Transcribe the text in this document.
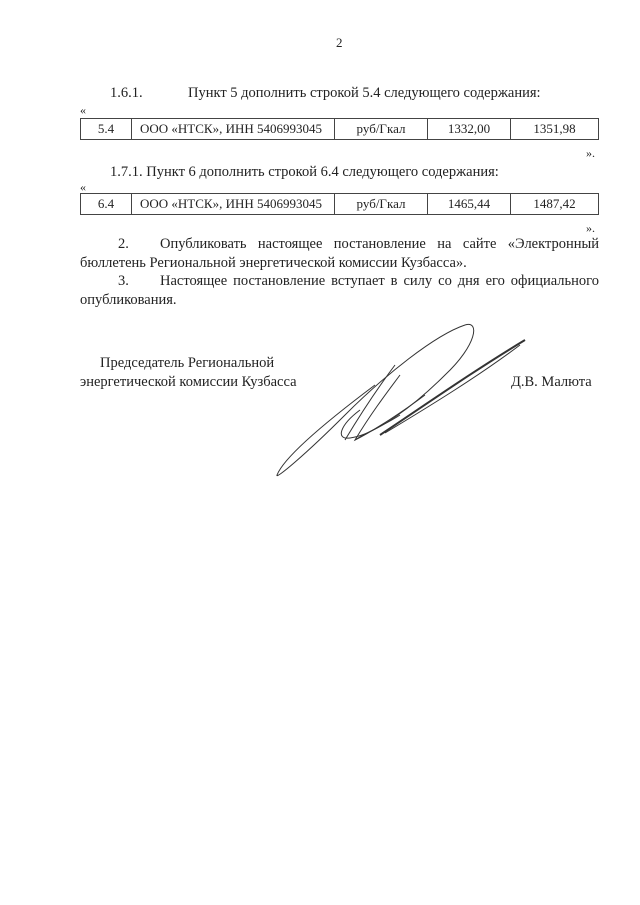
2
1.6.1.	Пункт 5 дополнить строкой 5.4 следующего содержания:
«
5.4	ООО «НТСК», ИНН 5406993045	руб/Гкал	1332,00	1351,98
».
1.7.1. Пункт 6 дополнить строкой 6.4 следующего содержания:
«
6.4	ООО «НТСК», ИНН 5406993045	руб/Гкал	1465,44	1487,42
».
2. Опубликовать настоящее постановление на сайте «Электронный
бюллетень Региональной энергетической комиссии Кузбасса».
3. Настоящее постановление вступает в силу со дня его официального
опубликования.
Председатель Региональной
энергетической комиссии Кузбасса	Д.В. Малюта
